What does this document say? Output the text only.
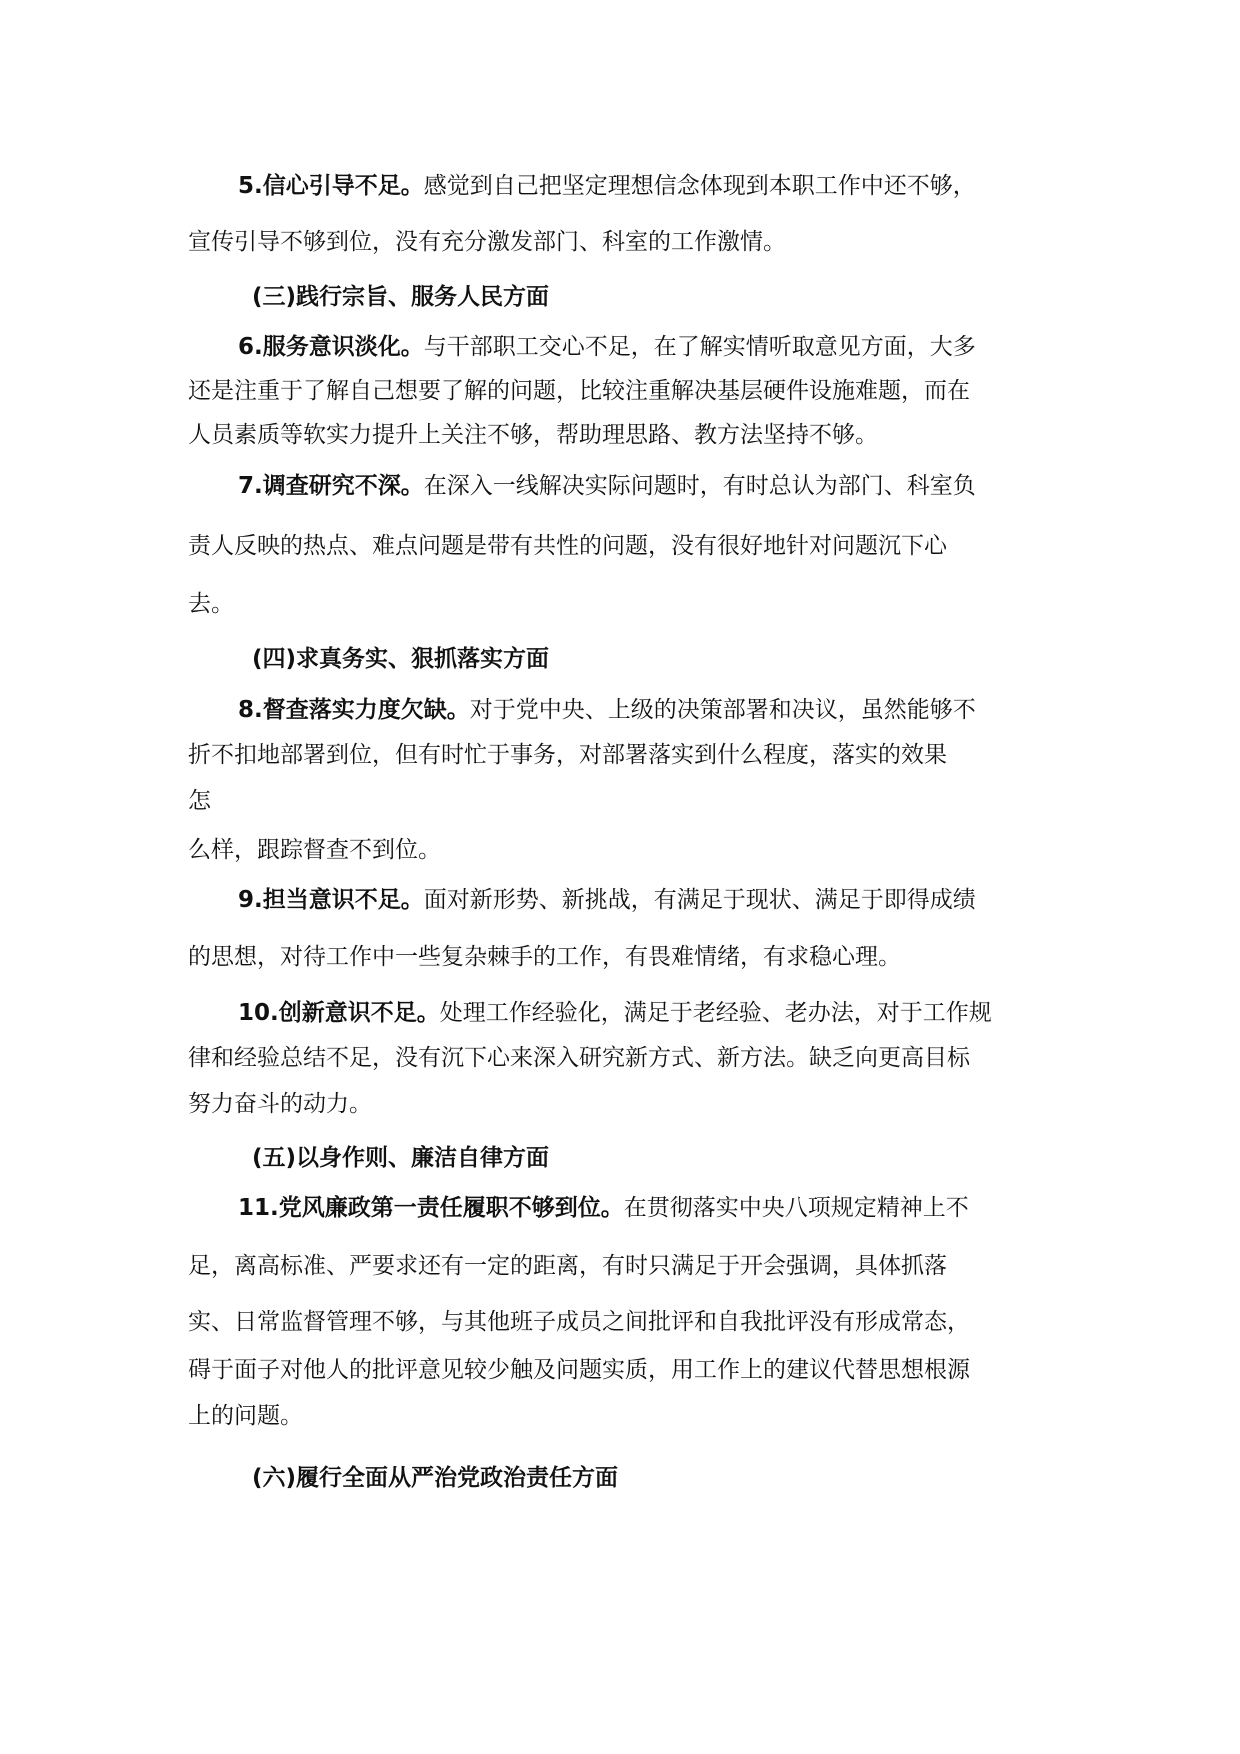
5.信心引导不足。感觉到自己把坚定理想信念体现到本职工作中还不够，
宣传引导不够到位，没有充分激发部门、科室的工作激情。
(三)践行宗旨、服务人民方面
6.服务意识淡化。与干部职工交心不足，在了解实情听取意见方面，大多
还是注重于了解自己想要了解的问题，比较注重解决基层硬件设施难题，而在
人员素质等软实力提升上关注不够，帮助理思路、教方法坚持不够。
7.调查研究不深。在深入一线解决实际问题时，有时总认为部门、科室负
责人反映的热点、难点问题是带有共性的问题，没有很好地针对问题沉下心
去。
(四)求真务实、狠抓落实方面
8.督查落实力度欠缺。对于党中央、上级的决策部署和决议，虽然能够不
折不扣地部署到位，但有时忙于事务，对部署落实到什么程度，落实的效果
怎
么样，跟踪督查不到位。
9.担当意识不足。面对新形势、新挑战，有满足于现状、满足于即得成绩
的思想，对待工作中一些复杂棘手的工作，有畏难情绪，有求稳心理。
10.创新意识不足。处理工作经验化，满足于老经验、老办法，对于工作规
律和经验总结不足，没有沉下心来深入研究新方式、新方法。缺乏向更高目标
努力奋斗的动力。
(五)以身作则、廉洁自律方面
11.党风廉政第一责任履职不够到位。在贯彻落实中央八项规定精神上不
足，离高标准、严要求还有一定的距离，有时只满足于开会强调，具体抓落
实、日常监督管理不够，与其他班子成员之间批评和自我批评没有形成常态，
碍于面子对他人的批评意见较少触及问题实质，用工作上的建议代替思想根源
上的问题。
(六)履行全面从严治党政治责任方面
